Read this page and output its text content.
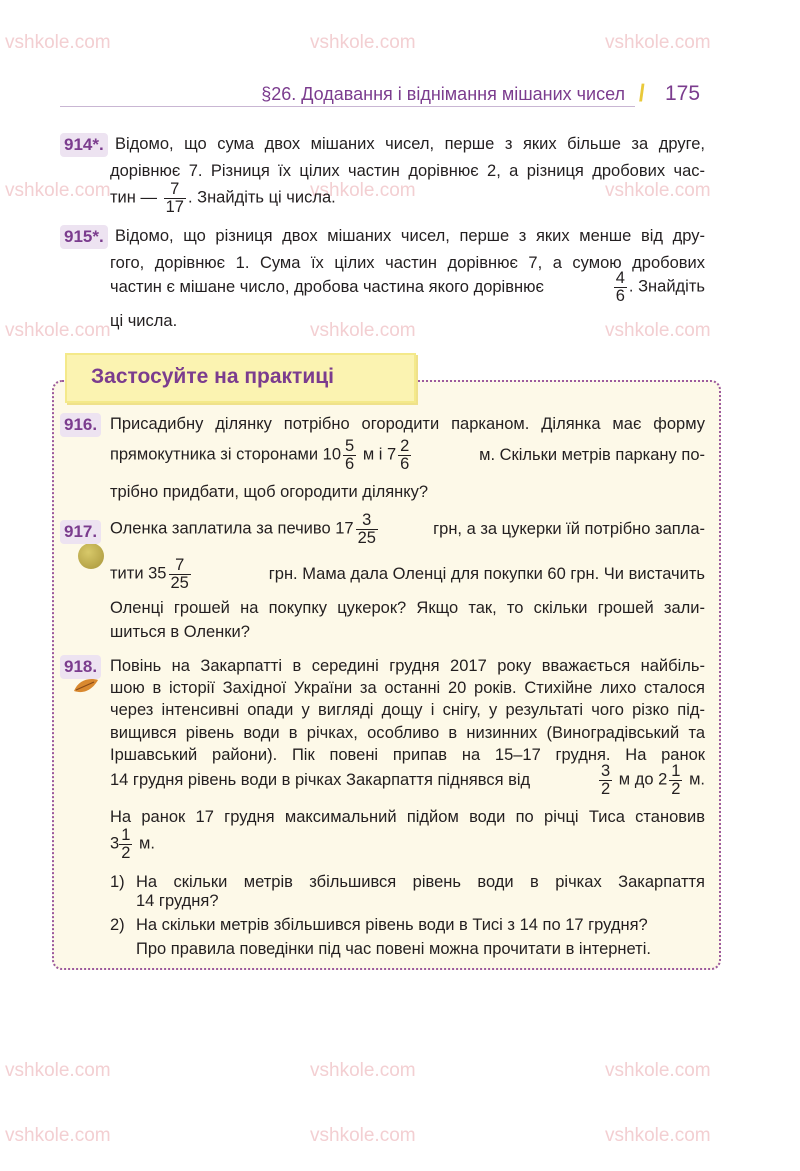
vshkole.com	vshkole.com	vshkole.com
vshkole.com	vshkole.com	vshkole.com
vshkole.com	vshkole.com	vshkole.com
vshkole.com	vshkole.com	vshkole.com
vshkole.com	vshkole.com	vshkole.com
§26. Додавання і віднімання мішаних чисел \ 175
914*. Відомо, що сума двох мішаних чисел, перше з яких більше за друге,
дорівнює 7. Різниця їх цілих частин дорівнює 2, а різниця дробових час-
тин — $\frac{7}{17}$ . Знайдіть ці числа.
915*. Відомо, що різниця двох мішаних чисел, перше з яких менше від дру-
гого, дорівнює 1. Сума їх цілих частин дорівнює 7, а сумою дробових
частин є мішане число, дробова частина якого дорівнює	$\frac{4}{6}$ . Знайдіть
ці числа.
Застосуйте на практиці
916. Присадибну ділянку потрібно огородити парканом. Ділянка має форму
прямокутника зі сторонами $10 \frac{5}{6}$ м і $7 \frac{2}{6}$	м. Скільки метрів паркану по-
трібно придбати, щоб огородити ділянку?
917. Оленка заплатила за печиво $17 \frac{3}{25}$	грн, а за цукерки їй потрібно запла-
тити $35 \frac{7}{25}$	грн. Мама дала Оленці для покупки 60 грн. Чи вистачить
Оленці грошей на покупку цукерок? Якщо так, то скільки грошей зали-
шиться в Оленки?
918. Повінь на Закарпатті в середині грудня 2017 року вважається найбіль-
шою в історії Західної України за останні 20 років. Стихійне лихо сталося
через інтенсивні опади у вигляді дощу і снігу, у результаті чого різко під-
вищився рівень води в річках, особливо в низинних (Виноградівський та
Іршавський райони). Пік повені припав на 15–17 грудня. На ранок
14 грудня рівень води в річках Закарпаття піднявся від	$\frac{3}{2}$ м до $2 \frac{1}{2} м$.
На ранок 17 грудня максимальний підйом води по річці Тиса становив
$3 \frac{1}{2} м$.
1) На скільки метрів збільшився рівень води в річках Закарпаття
14 грудня?
2) На скільки метрів збільшився рівень води в Тисі з 14 по 17 грудня?
Про правила поведінки під час повені можна прочитати в інтернеті.
